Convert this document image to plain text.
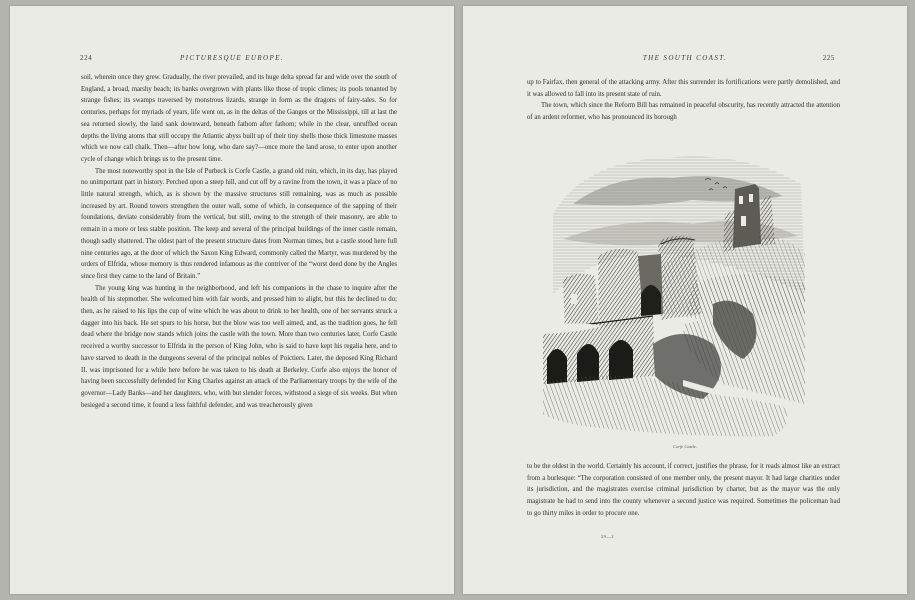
224	PICTURESQUE EUROPE.

soil, wherein once they grew. Gradually, the river prevailed, and its huge delta spread far and wide over the south of England, a broad, marshy beach; its banks overgrown with plants like those of tropic climes; its pools tenanted by strange fishes; its swamps traversed by monstrous lizards, strange in form as the dragons of fairy-tales. So for centuries, perhaps for myriads of years, life went on, as in the deltas of the Ganges or the Mississippi, till at last the sea returned slowly, the land sank downward, beneath fathom after fathom; while in the clear, unruffled ocean depths the living atoms that still occupy the Atlantic abyss built up of their tiny shells those thick limestone masses which we now call chalk. Then—after how long, who dare say?—once more the land arose, to enter upon another cycle of change which brings us to the present time.

The most noteworthy spot in the Isle of Purbeck is Corfe Castle, a grand old ruin, which, in its day, has played no unimportant part in history. Perched upon a steep hill, and cut off by a ravine from the town, it was a place of no little natural strength, which, as is shown by the massive structures still remaining, was as much as possible increased by art. Round towers strengthen the outer wall, some of which, in consequence of the sapping of their foundations, deviate considerably from the vertical, but still, owing to the strength of their masonry, are able to remain in a more or less stable position. The keep and several of the principal buildings of the inner castle remain, though sadly shattered. The oldest part of the present structure dates from Norman times, but a castle stood here full nine centuries ago, at the door of which the Saxon King Edward, commonly called the Martyr, was murdered by the orders of Elfrida, whose memory is thus rendered infamous as the contriver of the “worst deed done by the Angles since first they came to the land of Britain.”

The young king was hunting in the neighborhood, and left his companions in the chase to inquire after the health of his stepmother. She welcomed him with fair words, and pressed him to alight, but this he declined to do; then, as he raised to his lips the cup of wine which he was about to drink to her health, one of her servants struck a dagger into his back. He set spurs to his horse, but the blow was too well aimed, and, as the tradition goes, he fell dead where the bridge now stands which joins the castle with the town. More than two centuries later, Corfe Castle received a worthy successor to Elfrida in the person of King John, who is said to have kept his regalia here, and to have starved to death in the dungeons several of the principal nobles of Poictiers. Later, the deposed King Richard II. was imprisoned for a while here before he was taken to his death at Berkeley. Corfe also enjoys the honor of having been successfully defended for King Charles against an attack of the Parliamentary troops by the wife of the governor—Lady Banks—and her daughters, who, with but slender forces, withstood a siege of six weeks. But when besieged a second time, it found a less faithful defender, and was treacherously given

THE SOUTH COAST.	225

up to Fairfax, then general of the attacking army. After this surrender its fortifications were partly demolished, and it was allowed to fall into its present state of ruin.

The town, which since the Reform Bill has remained in peaceful obscurity, has recently attracted the attention of an ardent reformer, who has pronounced its borough

Corfe Castle.

to be the oldest in the world. Certainly his account, if correct, justifies the phrase, for it reads almost like an extract from a burlesque: “The corporation consisted of one member only, the present mayor. It had large charities under its jurisdiction, and the magistrates exercise criminal jurisdiction by charter, but as the mayor was the only magistrate he had to send into the county whenever a second justice was required. Sometimes the policeman had to go thirty miles in order to procure one.

29—2
